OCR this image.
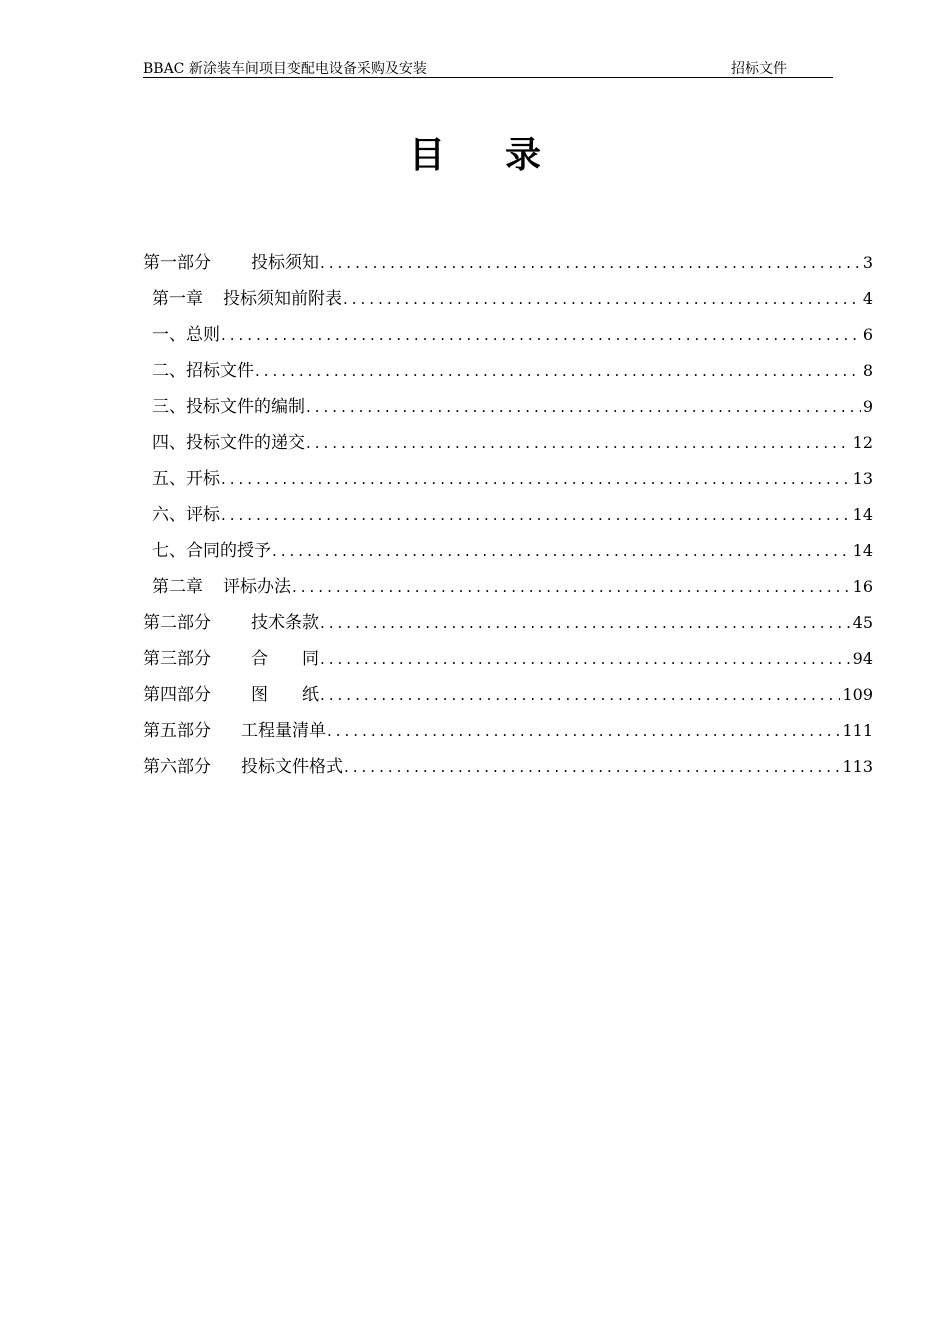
BBAC 新涂装车间项目变配电设备采购及安装	招标文件
目录
第一部分 投标须知 .....	3
第一章 投标须知前附表 .....	4
一、总则 .....	6
二、招标文件 .....	8
三、投标文件的编制 .....	9
四、投标文件的递交 .....	12
五、开标 .....	13
六、评标 .....	14
七、合同的授予 .....	14
第二章 评标办法 .....	16
第二部分 技术条款 .....	45
第三部分 合　　同 .....	94
第四部分 图　　纸 .....	109
第五部分 工程量清单 .....	111
第六部分 投标文件格式 .....	113
